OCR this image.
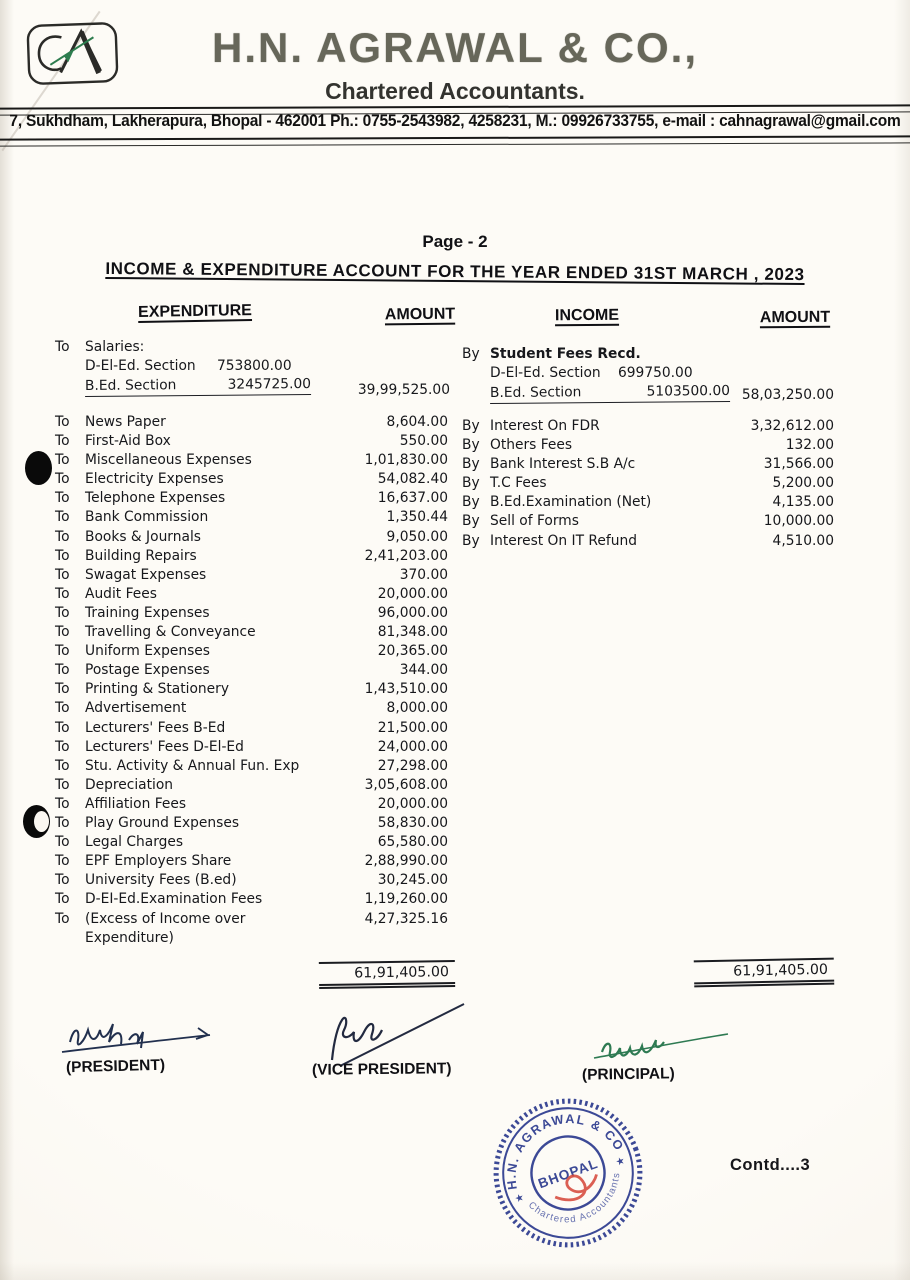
H.N. AGRAWAL & CO.,
Chartered Accountants.
7, Sukhdham, Lakherapura, Bhopal - 462001 Ph.: 0755-2543982, 4258231, M.: 09926733755, e-mail : cahnagrawal@gmail.com
Page - 2
INCOME & EXPENDITURE ACCOUNT FOR THE YEAR ENDED 31ST MARCH , 2023
EXPENDITURE	AMOUNT	INCOME	AMOUNT
To	Salaries:
D-El-Ed. Section	753800.00
B.Ed. Section	3245725.00	39,99,525.00
By Student Fees Recd.
D-El-Ed. Section	699750.00
B.Ed. Section	5103500.00 58,03,250.00
To	News Paper	8,604.00
To	First-Aid Box	550.00
To	Miscellaneous Expenses	1,01,830.00
To	Electricity Expenses	54,082.40
To	Telephone Expenses	16,637.00
To	Bank Commission	1,350.44
To	Books & Journals	9,050.00
To	Building Repairs	2,41,203.00
To	Swagat Expenses	370.00
To	Audit Fees	20,000.00
To	Training Expenses	96,000.00
To	Travelling & Conveyance	81,348.00
To	Uniform Expenses	20,365.00
To	Postage Expenses	344.00
To	Printing & Stationery	1,43,510.00
To	Advertisement	8,000.00
To	Lecturers' Fees B-Ed	21,500.00
To	Lecturers' Fees D-El-Ed	24,000.00
To	Stu. Activity & Annual Fun. Exp	27,298.00
To	Depreciation	3,05,608.00
To	Affiliation Fees	20,000.00
To	Play Ground Expenses	58,830.00
To	Legal Charges	65,580.00
To	EPF Employers Share	2,88,990.00
To	University Fees (B.ed)	30,245.00
To	D-EI-Ed.Examination Fees	1,19,260.00
By Interest On FDR	3,32,612.00
By Others Fees	132.00
By Bank Interest S.B A/c	31,566.00
By T.C Fees	5,200.00
By B.Ed.Examination (Net)	4,135.00
By Sell of Forms	10,000.00
By Interest On IT Refund	4,510.00
To	(Excess of Income over	4,27,325.16
Expenditure)
61,91,405.00	61,91,405.00
(PRESIDENT)	(VICE PRESIDENT)	(PRINCIPAL)
H.N. AGRAWAL & CO
Chartered Accountants
★
★
BHOPAL	Contd....3
